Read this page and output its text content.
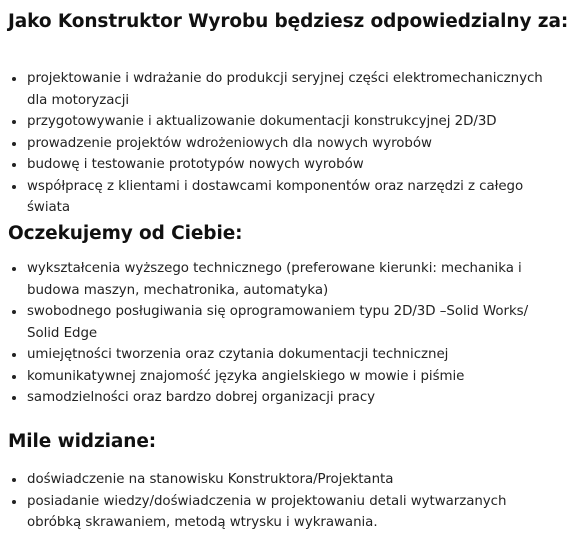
Jako Konstruktor Wyrobu będziesz odpowiedzialny za:
projektowanie i wdrażanie do produkcji seryjnej części elektromechanicznych dla motoryzacji
przygotowywanie i aktualizowanie dokumentacji konstrukcyjnej 2D/3D
prowadzenie projektów wdrożeniowych dla nowych wyrobów
budowę i testowanie prototypów nowych wyrobów
współpracę z klientami i dostawcami komponentów oraz narzędzi z całego świata
Oczekujemy od Ciebie:
wykształcenia wyższego technicznego (preferowane kierunki: mechanika i budowa maszyn, mechatronika, automatyka)
swobodnego posługiwania się oprogramowaniem typu 2D/3D –Solid Works/ Solid Edge
umiejętności tworzenia oraz czytania dokumentacji technicznej
komunikatywnej znajomość języka angielskiego w mowie i piśmie
samodzielności oraz bardzo dobrej organizacji pracy
Mile widziane:
doświadczenie na stanowisku Konstruktora/Projektanta
posiadanie wiedzy/doświadczenia w projektowaniu detali wytwarzanych obróbką skrawaniem, metodą wtrysku i wykrawania.
